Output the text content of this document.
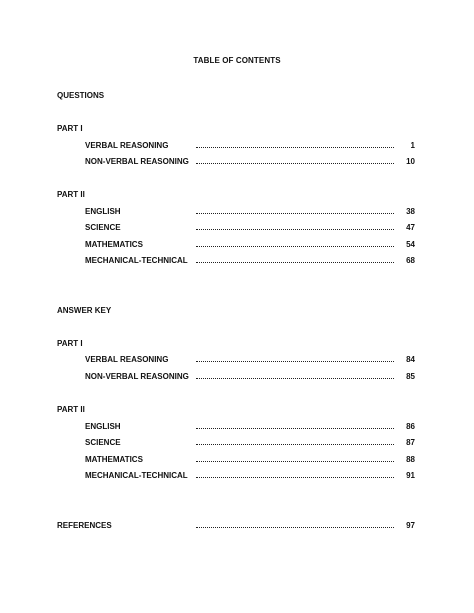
TABLE OF CONTENTS
QUESTIONS
PART I
VERBAL REASONING	1
NON-VERBAL REASONING	10
PART II
ENGLISH	38
SCIENCE	47
MATHEMATICS	54
MECHANICAL-TECHNICAL	68
ANSWER KEY
PART I
VERBAL REASONING	84
NON-VERBAL REASONING	85
PART II
ENGLISH	86
SCIENCE	87
MATHEMATICS	88
MECHANICAL-TECHNICAL	91
REFERENCES	97
